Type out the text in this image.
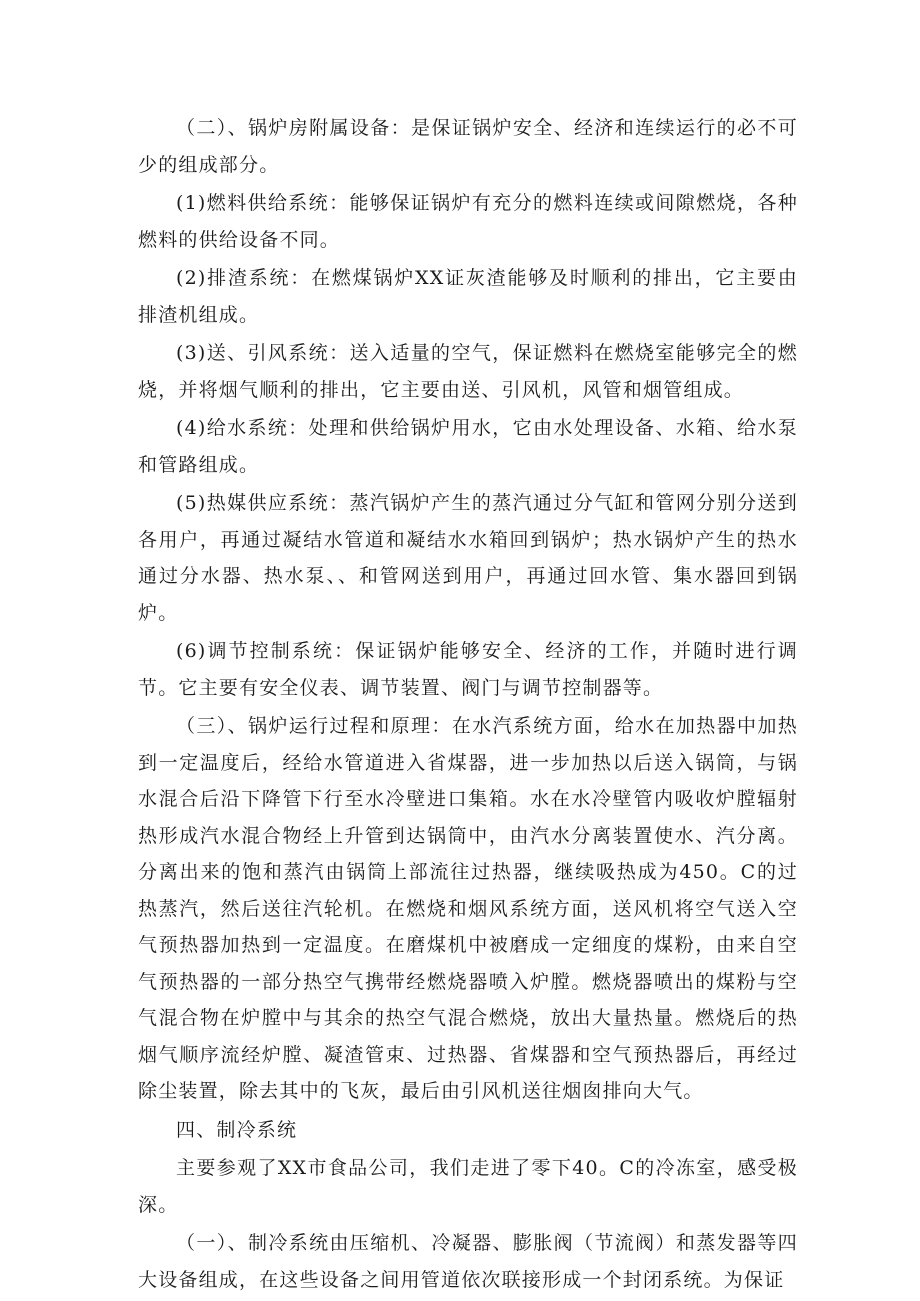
（二）、锅炉房附属设备：是保证锅炉安全、经济和连续运行的必不可少的组成部分。

(1)燃料供给系统：能够保证锅炉有充分的燃料连续或间隙燃烧，各种燃料的供给设备不同。

(2)排渣系统：在燃煤锅炉XX证灰渣能够及时顺利的排出，它主要由排渣机组成。

(3)送、引风系统：送入适量的空气，保证燃料在燃烧室能够完全的燃烧，并将烟气顺利的排出，它主要由送、引风机，风管和烟管组成。

(4)给水系统：处理和供给锅炉用水，它由水处理设备、水箱、给水泵和管路组成。

(5)热媒供应系统：蒸汽锅炉产生的蒸汽通过分气缸和管网分别分送到各用户，再通过凝结水管道和凝结水水箱回到锅炉；热水锅炉产生的热水通过分水器、热水泵、、和管网送到用户，再通过回水管、集水器回到锅炉。

(6)调节控制系统：保证锅炉能够安全、经济的工作，并随时进行调节。它主要有安全仪表、调节装置、阀门与调节控制器等。

（三）、锅炉运行过程和原理：在水汽系统方面，给水在加热器中加热到一定温度后，经给水管道进入省煤器，进一步加热以后送入锅筒，与锅水混合后沿下降管下行至水冷壁进口集箱。水在水冷壁管内吸收炉膛辐射热形成汽水混合物经上升管到达锅筒中，由汽水分离装置使水、汽分离。分离出来的饱和蒸汽由锅筒上部流往过热器，继续吸热成为450。C的过热蒸汽，然后送往汽轮机。在燃烧和烟风系统方面，送风机将空气送入空气预热器加热到一定温度。在磨煤机中被磨成一定细度的煤粉，由来自空气预热器的一部分热空气携带经燃烧器喷入炉膛。燃烧器喷出的煤粉与空气混合物在炉膛中与其余的热空气混合燃烧，放出大量热量。燃烧后的热烟气顺序流经炉膛、凝渣管束、过热器、省煤器和空气预热器后，再经过除尘装置，除去其中的飞灰，最后由引风机送往烟囱排向大气。

四、制冷系统

主要参观了XX市食品公司，我们走进了零下40。C的冷冻室，感受极深。

（一）、制冷系统由压缩机、冷凝器、膨胀阀（节流阀）和蒸发器等四大设备组成，在这些设备之间用管道依次联接形成一个封闭系统。为保证
